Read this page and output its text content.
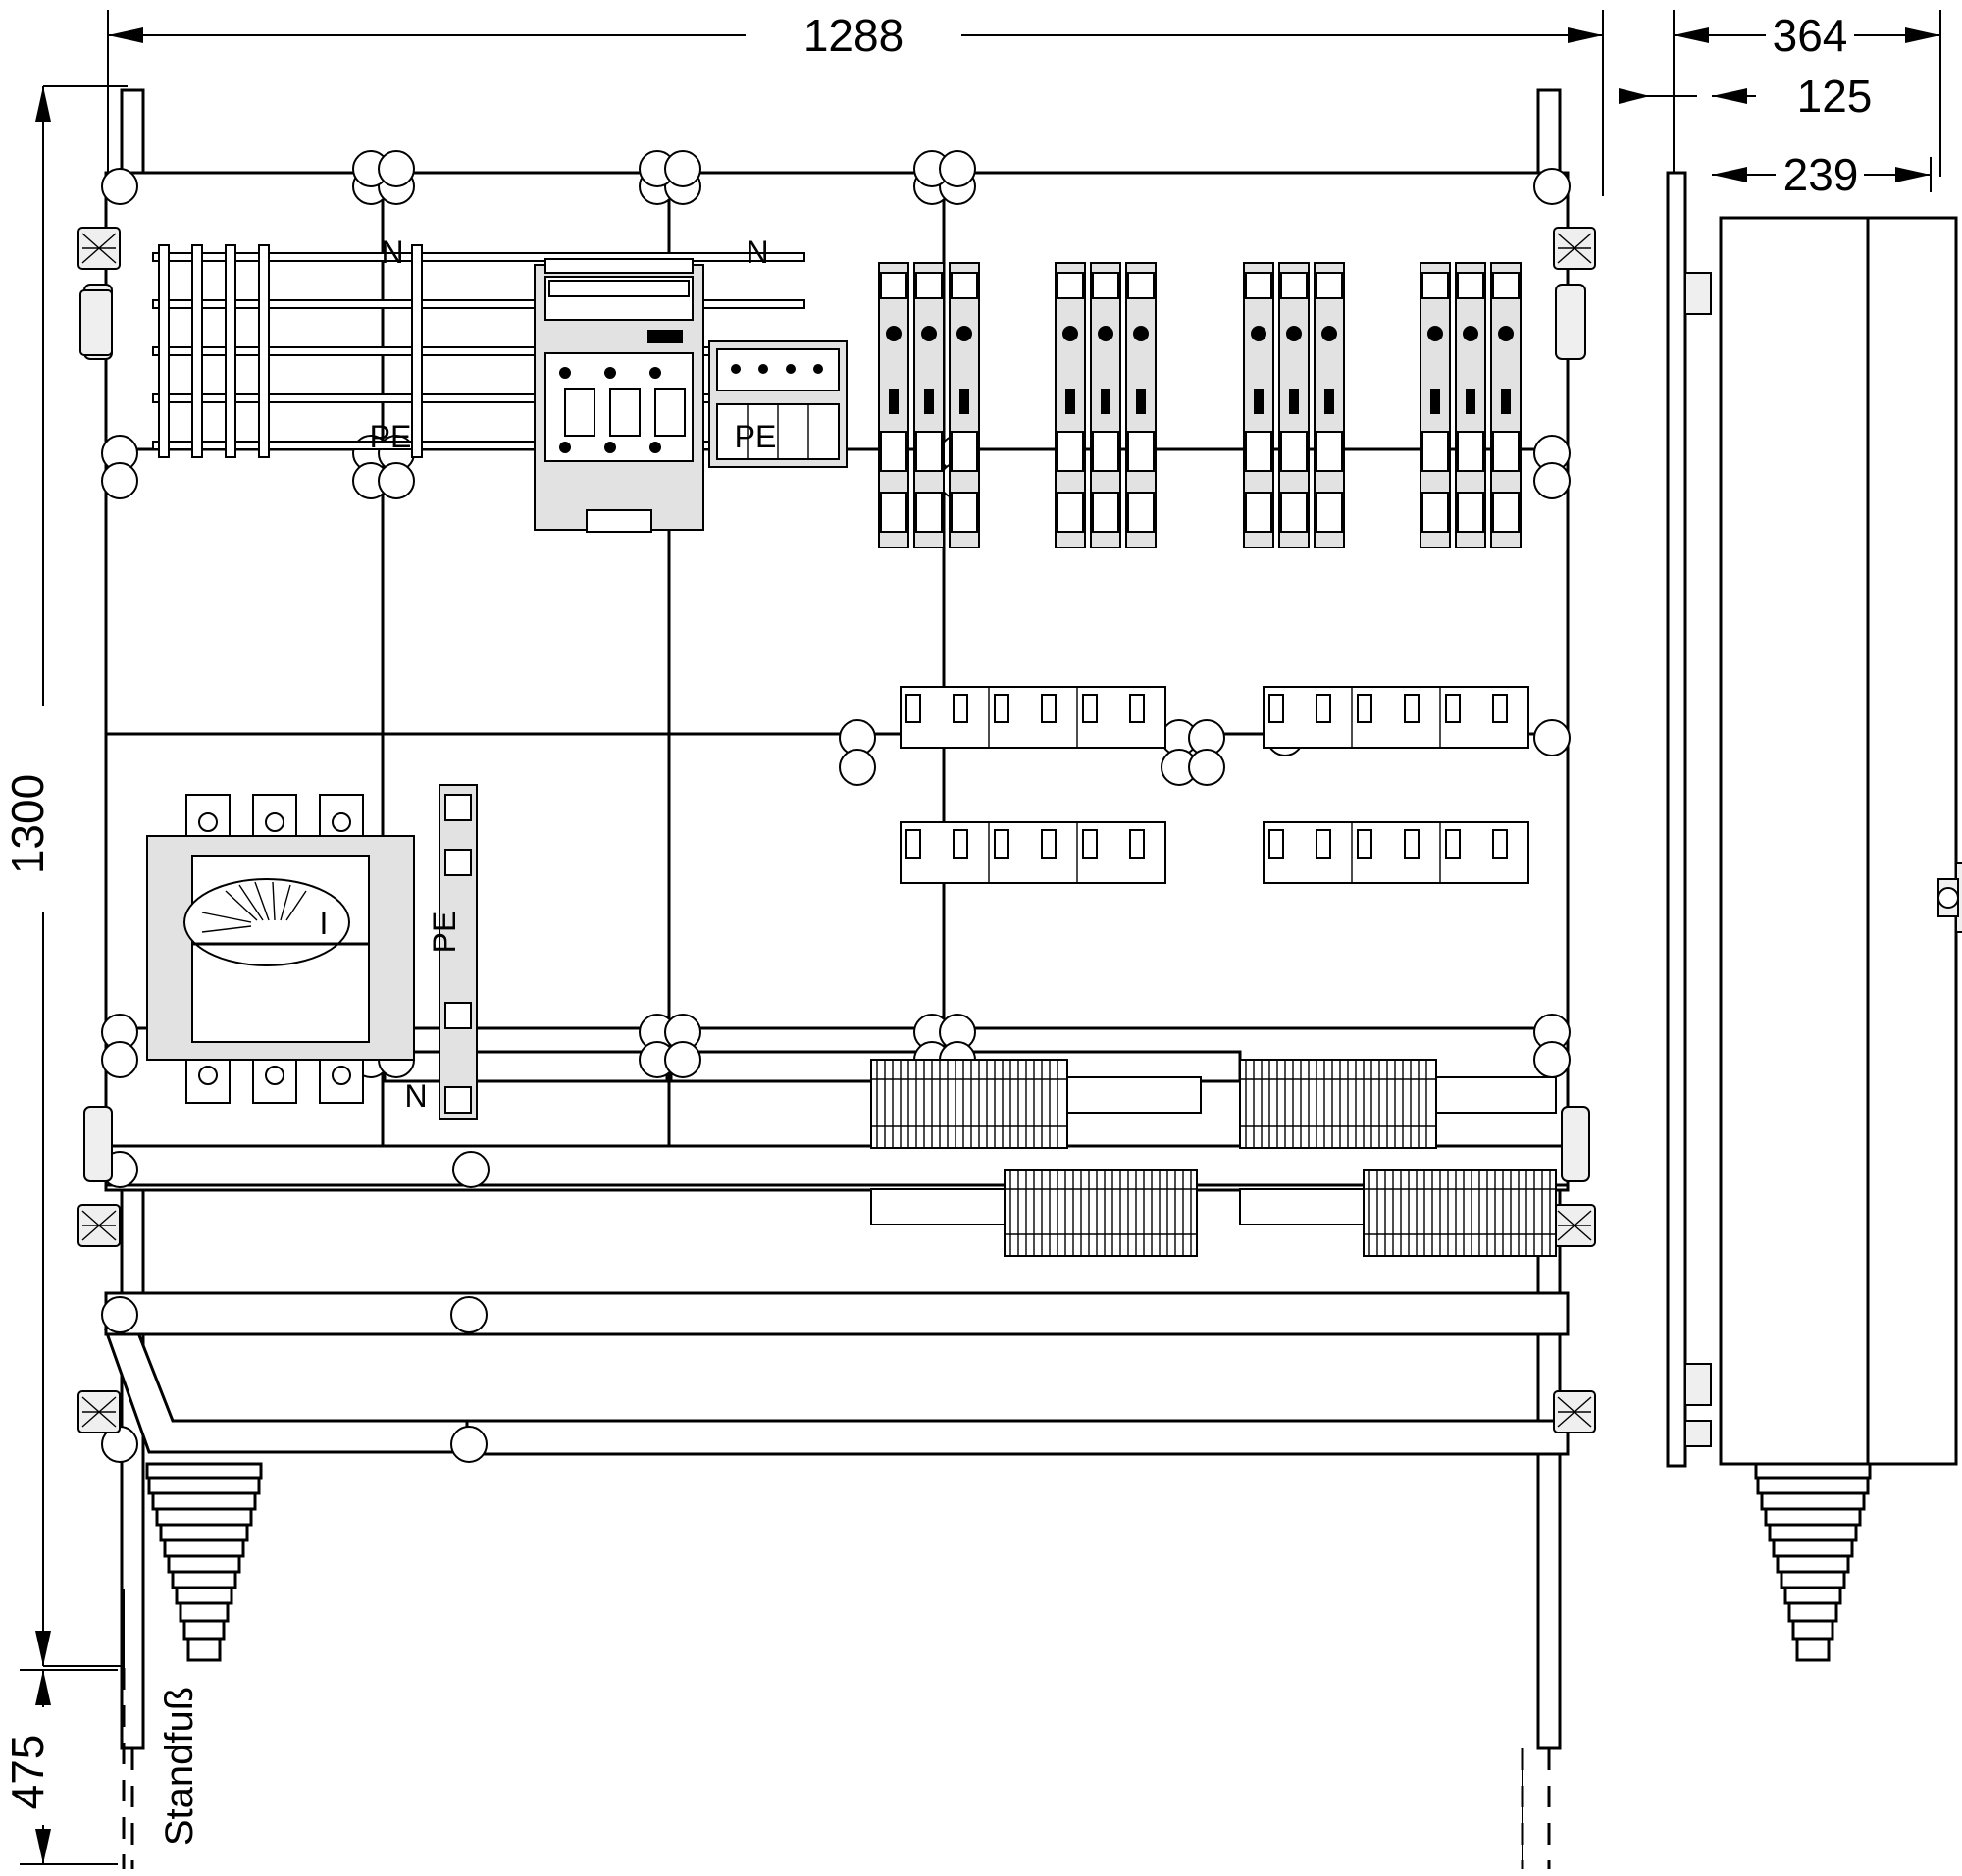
1288	364
125
239
1300
475
N
PE
N
PE
I	PE
N
Standfuß
